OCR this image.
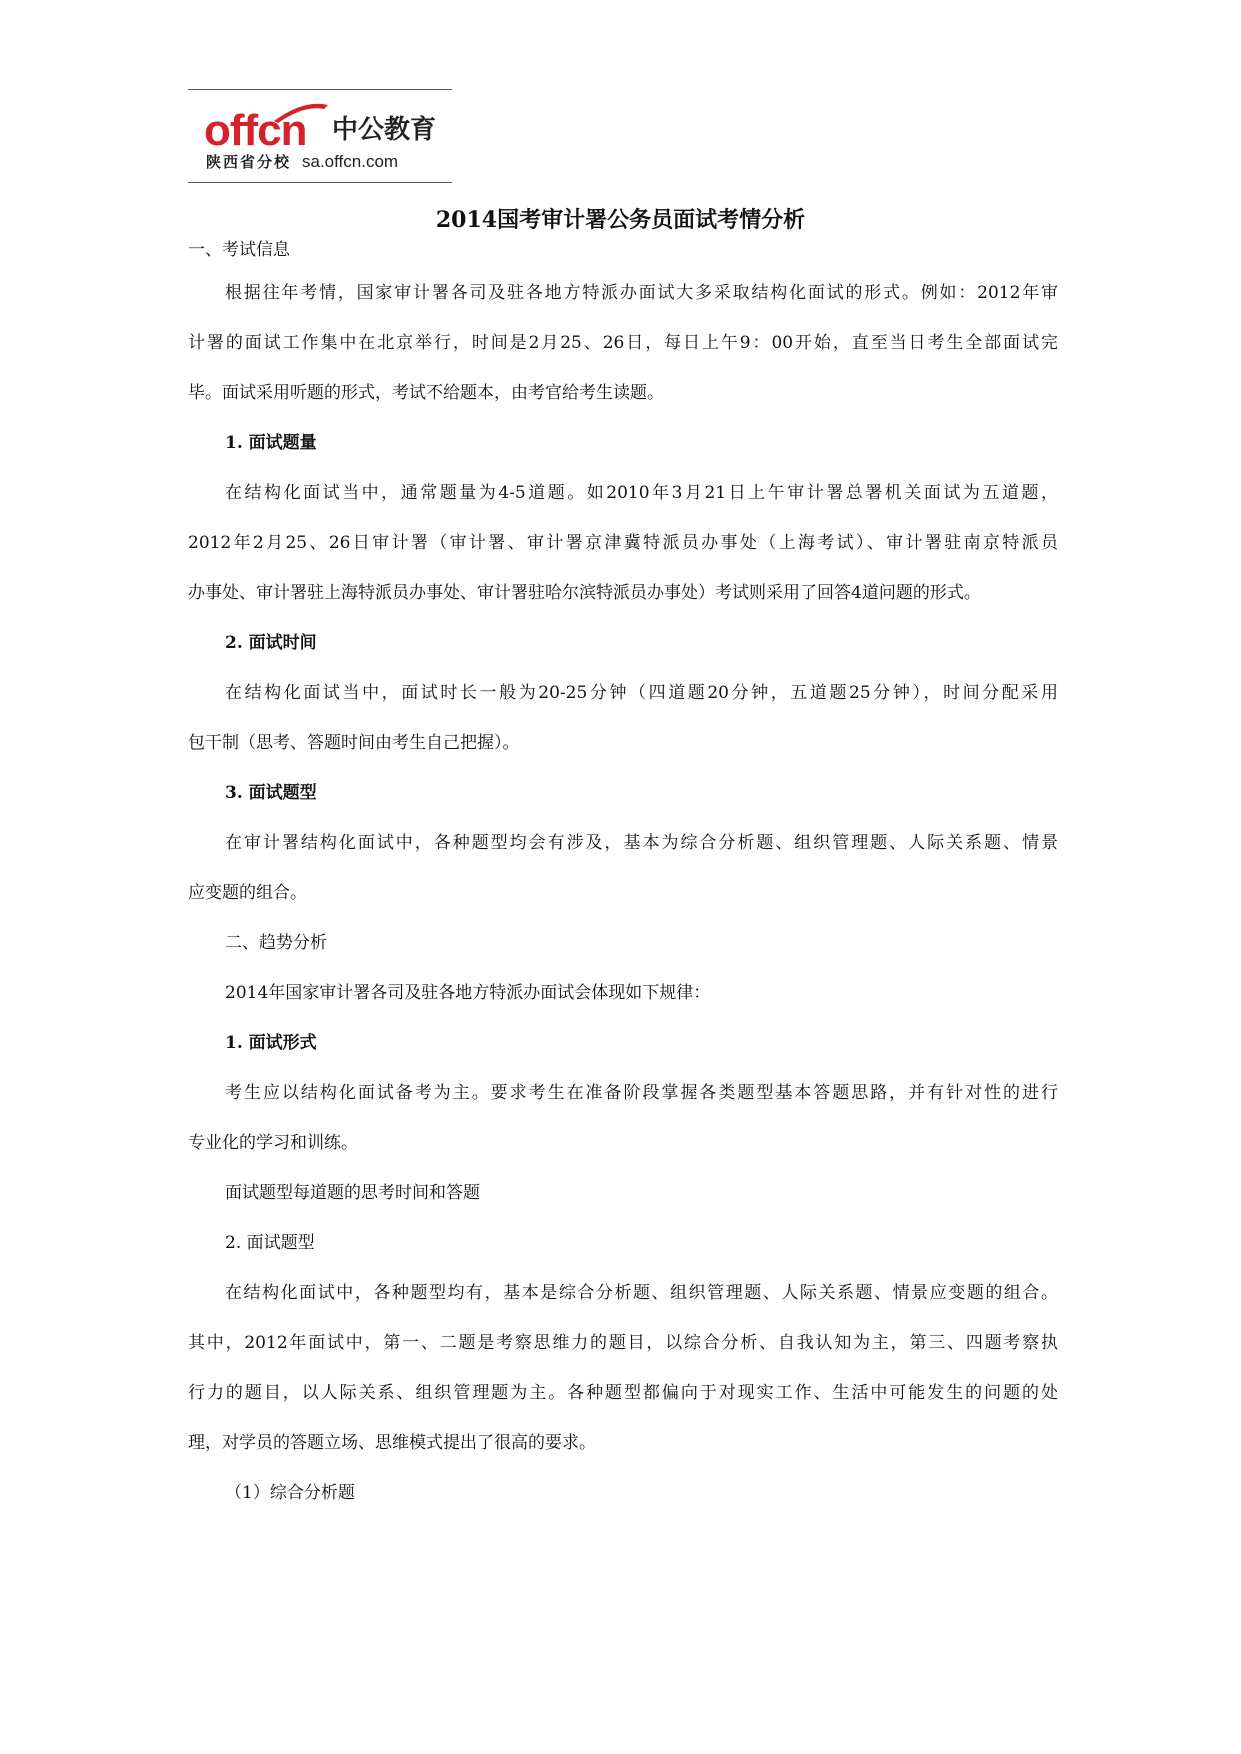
offcn 中公教育
陕西省分校 sa.offcn.com
2014国考审计署公务员面试考情分析
一、考试信息
根据往年考情，国家审计署各司及驻各地方特派办面试大多采取结构化面试的形式。例如：2012年审
计署的面试工作集中在北京举行，时间是2月25、26日，每日上午9：00开始，直至当日考生全部面试完
毕。面试采用听题的形式，考试不给题本，由考官给考生读题。
1. 面试题量
在结构化面试当中，通常题量为4-5道题。如2010年3月21日上午审计署总署机关面试为五道题，
2012年2月25、26日审计署（审计署、审计署京津冀特派员办事处（上海考试）、审计署驻南京特派员
办事处、审计署驻上海特派员办事处、审计署驻哈尔滨特派员办事处）考试则采用了回答4道问题的形式。
2. 面试时间
在结构化面试当中，面试时长一般为20-25分钟（四道题20分钟，五道题25分钟），时间分配采用
包干制（思考、答题时间由考生自己把握）。
3. 面试题型
在审计署结构化面试中，各种题型均会有涉及，基本为综合分析题、组织管理题、人际关系题、情景
应变题的组合。
二、趋势分析
2014年国家审计署各司及驻各地方特派办面试会体现如下规律：
1. 面试形式
考生应以结构化面试备考为主。要求考生在准备阶段掌握各类题型基本答题思路，并有针对性的进行
专业化的学习和训练。
面试题型每道题的思考时间和答题
2. 面试题型
在结构化面试中，各种题型均有，基本是综合分析题、组织管理题、人际关系题、情景应变题的组合。
其中，2012年面试中，第一、二题是考察思维力的题目，以综合分析、自我认知为主，第三、四题考察执
行力的题目，以人际关系、组织管理题为主。各种题型都偏向于对现实工作、生活中可能发生的问题的处
理，对学员的答题立场、思维模式提出了很高的要求。
（1）综合分析题
